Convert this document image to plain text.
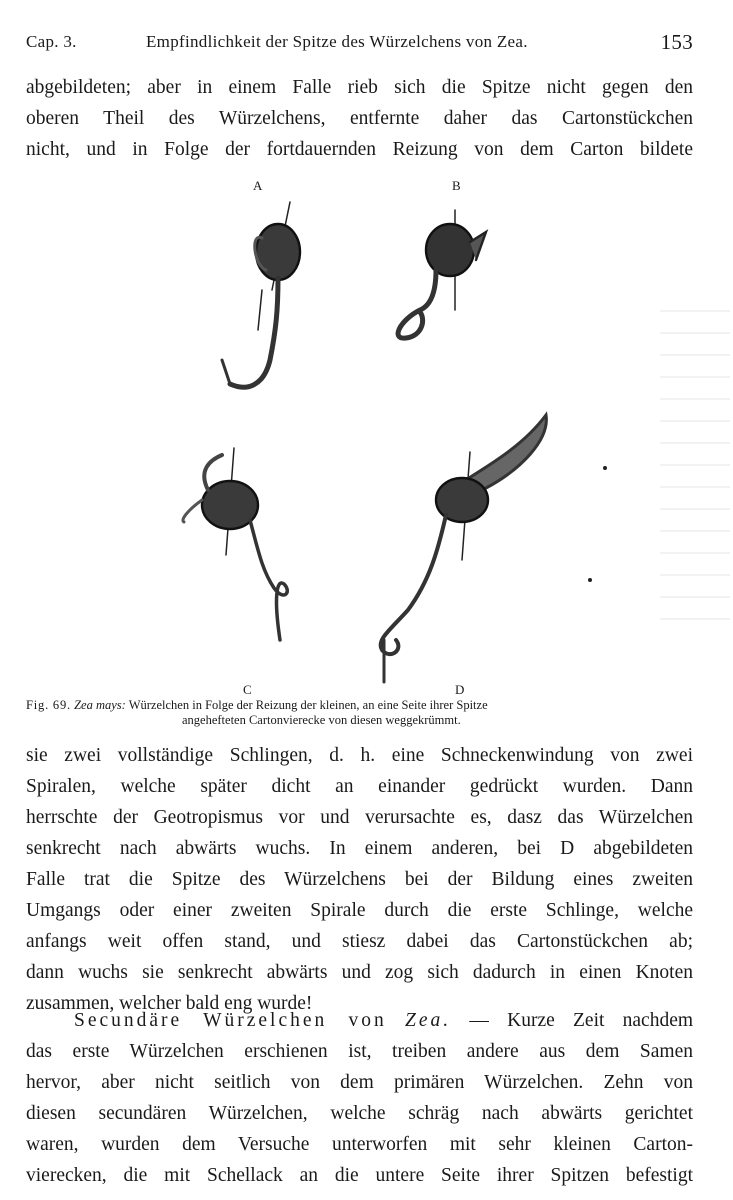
Cap. 3.	Empfindlichkeit der Spitze des Würzelchens von Zea.	153
abgebildeten; aber in einem Falle rieb sich die Spitze nicht gegen den
oberen Theil des Würzelchens, entfernte daher das Cartonstückchen
nicht, und in Folge der fortdauernden Reizung von dem Carton bildete
A	B
C	D
Fig. 69. Zea mays: Würzelchen in Folge der Reizung der kleinen, an eine Seite ihrer Spitze
angehefteten Cartonvierecke von diesen weggekrümmt.
sie zwei vollständige Schlingen, d. h. eine Schneckenwindung von zwei
Spiralen, welche später dicht an einander gedrückt wurden. Dann
herrschte der Geotropismus vor und verursachte es, dasz das Würzelchen
senkrecht nach abwärts wuchs. In einem anderen, bei D abgebildeten
Falle trat die Spitze des Würzelchens bei der Bildung eines zweiten
Umgangs oder einer zweiten Spirale durch die erste Schlinge, welche
anfangs weit offen stand, und stiesz dabei das Cartonstückchen ab;
dann wuchs sie senkrecht abwärts und zog sich dadurch in einen Knoten
zusammen, welcher bald eng wurde!
Secundäre Würzelchen von Zea. — Kurze Zeit nachdem
das erste Würzelchen erschienen ist, treiben andere aus dem Samen
hervor, aber nicht seitlich von dem primären Würzelchen. Zehn von
diesen secundären Würzelchen, welche schräg nach abwärts gerichtet
waren, wurden dem Versuche unterworfen mit sehr kleinen Carton-
vierecken, die mit Schellack an die untere Seite ihrer Spitzen befestigt
